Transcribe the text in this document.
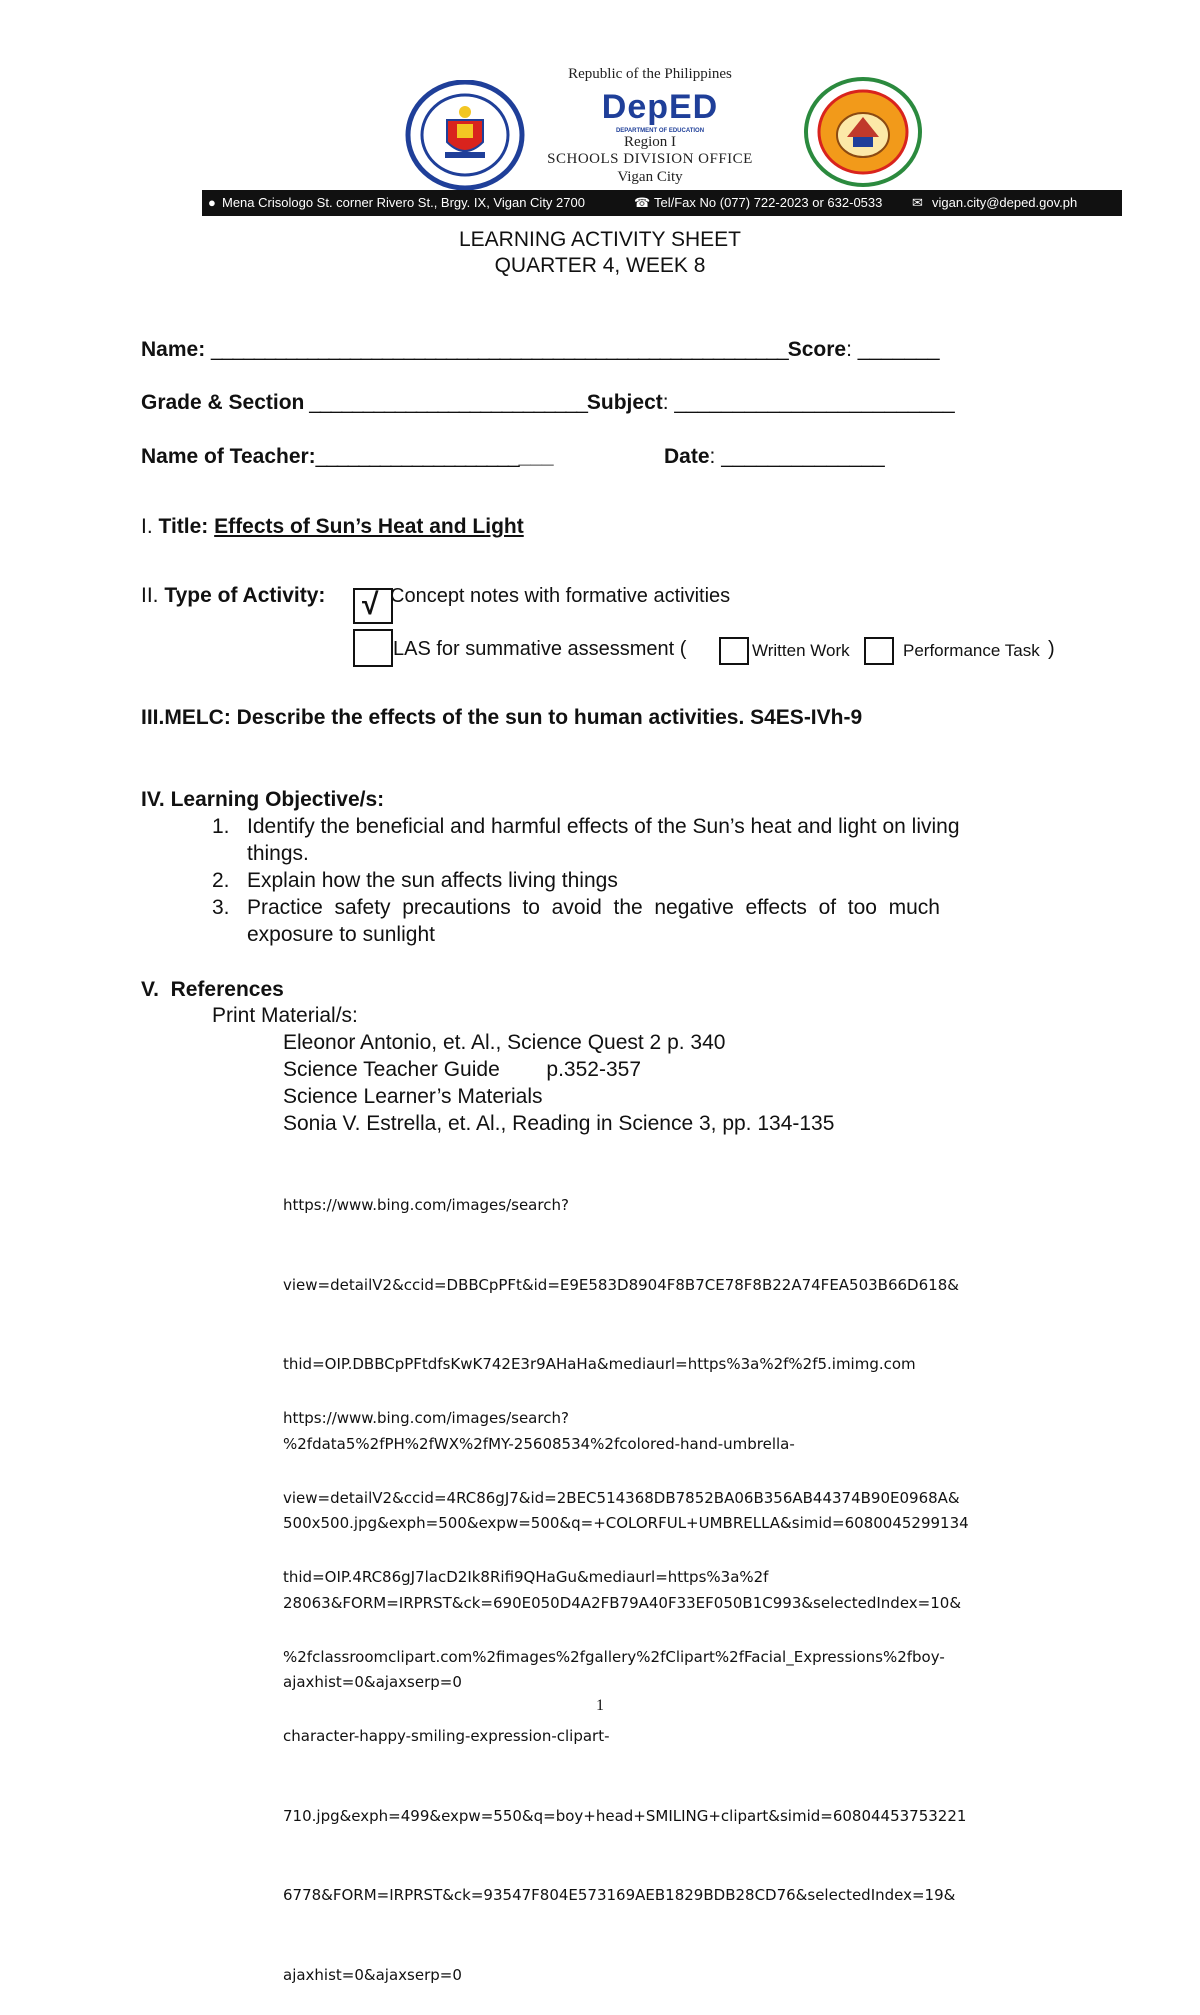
Republic of the Philippines
DepED
DEPARTMENT OF EDUCATION
Region I
SCHOOLS DIVISION OFFICE
Vigan City
● Mena Crisologo St. corner Rivero St., Brgy. IX, Vigan City 2700	☎ Tel/Fax No (077) 722-2023 or 632-0533 ✉ vigan.city@deped.gov.ph
LEARNING ACTIVITY SHEET
QUARTER 4, WEEK 8
Name: ______________________________________________________Score: _______
Grade & Section __________________________Subject: ________________________
Name of Teacher:______________________	Date: ______________
I. Title: Effects of Sun’s Heat and Light
II. Type of Activity: √ Concept notes with formative activities
LAS for summative assessment (	Written Work	Performance Task )
III.MELC: Describe the effects of the sun to human activities. S4ES-IVh-9
IV. Learning Objective/s:
1. Identify the beneficial and harmful effects of the Sun’s heat and light on living
things.
2. Explain how the sun affects living things
3. Practice  safety  precautions  to  avoid  the  negative  effects  of  too  much
exposure to sunlight
V.  References
Print Material/s:
Eleonor Antonio, et. Al., Science Quest 2 p. 340
Science Teacher Guide        p.352-357
Science Learner’s Materials
Sonia V. Estrella, et. Al., Reading in Science 3, pp. 134-135

https://www.bing.com/images/search?

view=detailV2&ccid=DBBCpPFt&id=E9E583D8904F8B7CE78F8B22A74FEA503B66D618&

thid=OIP.DBBCpPFtdfsKwK742E3r9AHaHa&mediaurl=https%3a%2f%2f5.imimg.com

%2fdata5%2fPH%2fWX%2fMY-25608534%2fcolored-hand-umbrella-

500x500.jpg&exph=500&expw=500&q=+COLORFUL+UMBRELLA&simid=6080045299134

28063&FORM=IRPRST&ck=690E050D4A2FB79A40F33EF050B1C993&selectedIndex=10&

ajaxhist=0&ajaxserp=0

https://www.bing.com/images/search?

view=detailV2&ccid=4RC86gJ7&id=2BEC514368DB7852BA06B356AB44374B90E0968A&

thid=OIP.4RC86gJ7lacD2Ik8Rifi9QHaGu&mediaurl=https%3a%2f

%2fclassroomclipart.com%2fimages%2fgallery%2fClipart%2fFacial_Expressions%2fboy-

character-happy-smiling-expression-clipart-

710.jpg&exph=499&expw=550&q=boy+head+SMILING+clipart&simid=60804453753221

6778&FORM=IRPRST&ck=93547F804E573169AEB1829BDB28CD76&selectedIndex=19&

ajaxhist=0&ajaxserp=0

1
